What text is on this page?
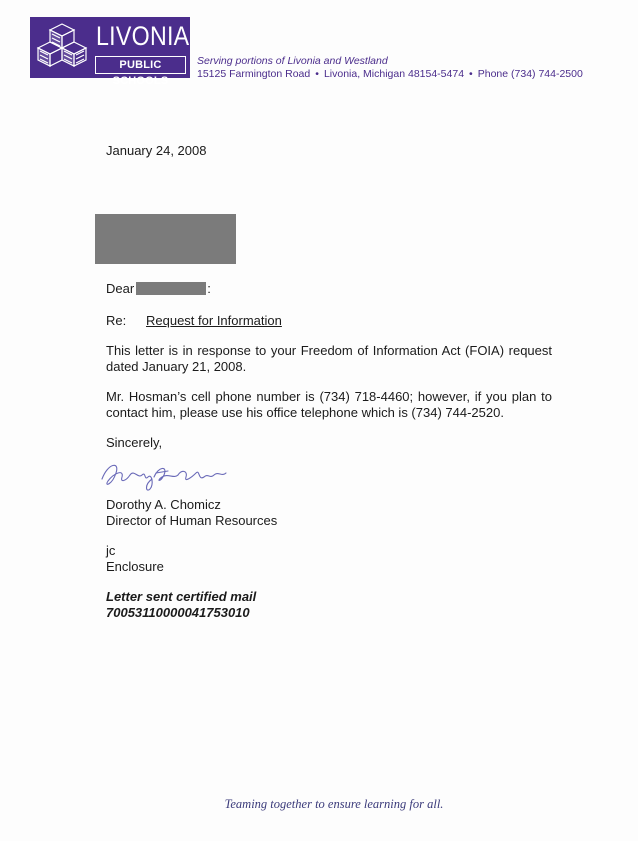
LIVONIA
PUBLIC SCHOOLS
Serving portions of Livonia and Westland
15125 Farmington Road • Livonia, Michigan 48154-5474 • Phone (734) 744-2500
January 24, 2008
Dear	:
Re: Request for Information
This letter is in response to your Freedom of Information Act (FOIA) request dated January 21, 2008.
Mr. Hosman’s cell phone number is (734) 718-4460; however, if you plan to contact him, please use his office telephone which is (734) 744-2520.
Sincerely,
Dorothy A. Chomicz
Director of Human Resources
jc
Enclosure
Letter sent certified mail
70053110000041753010
Teaming together to ensure learning for all.
